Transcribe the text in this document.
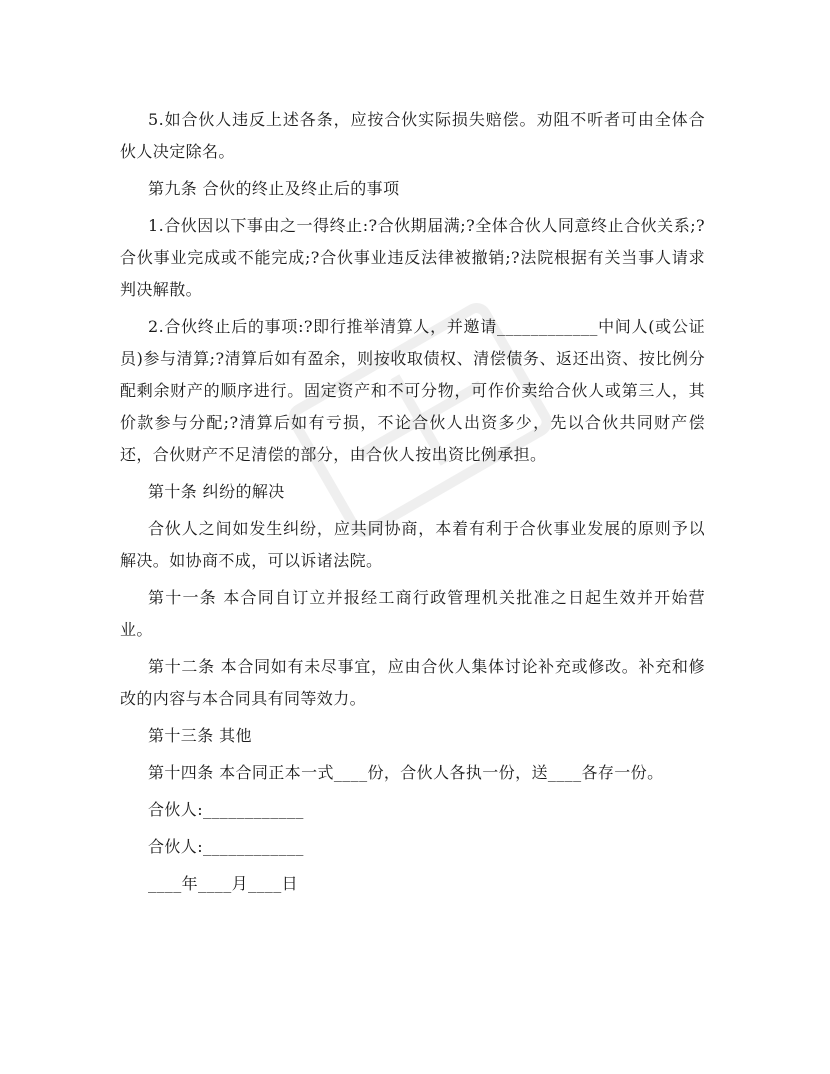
5.如合伙人违反上述各条，应按合伙实际损失赔偿。劝阻不听者可由全体合伙人决定除名。

第九条 合伙的终止及终止后的事项

1.合伙因以下事由之一得终止:?合伙期届满;?全体合伙人同意终止合伙关系;?合伙事业完成或不能完成;?合伙事业违反法律被撤销;?法院根据有关当事人请求判决解散。

2.合伙终止后的事项:?即行推举清算人，并邀请____________中间人(或公证员)参与清算;?清算后如有盈余，则按收取债权、清偿债务、返还出资、按比例分配剩余财产的顺序进行。固定资产和不可分物，可作价卖给合伙人或第三人，其价款参与分配;?清算后如有亏损，不论合伙人出资多少，先以合伙共同财产偿还，合伙财产不足清偿的部分，由合伙人按出资比例承担。

第十条 纠纷的解决

合伙人之间如发生纠纷，应共同协商，本着有利于合伙事业发展的原则予以解决。如协商不成，可以诉诸法院。

第十一条 本合同自订立并报经工商行政管理机关批准之日起生效并开始营业。

第十二条 本合同如有未尽事宜，应由合伙人集体讨论补充或修改。补充和修改的内容与本合同具有同等效力。

第十三条 其他

第十四条 本合同正本一式____份，合伙人各执一份，送____各存一份。

合伙人:____________

合伙人:____________

____年____月____日
